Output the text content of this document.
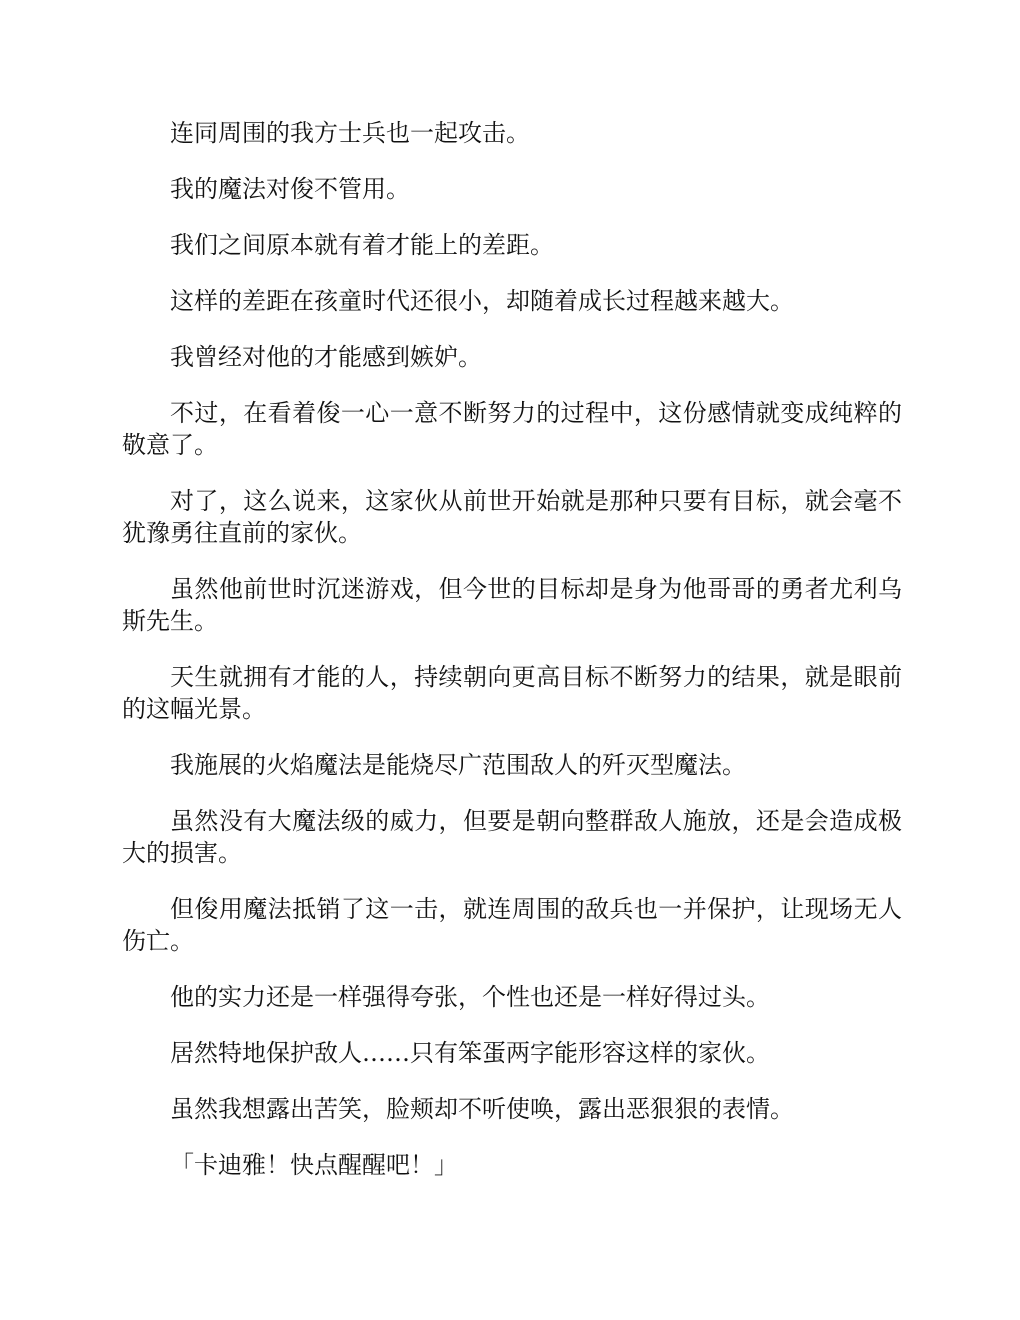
连同周围的我方士兵也一起攻击。

我的魔法对俊不管用。

我们之间原本就有着才能上的差距。

这样的差距在孩童时代还很小，却随着成长过程越来越大。

我曾经对他的才能感到嫉妒。

不过，在看着俊一心一意不断努力的过程中，这份感情就变成纯粹的敬意了。

对了，这么说来，这家伙从前世开始就是那种只要有目标，就会毫不犹豫勇往直前的家伙。

虽然他前世时沉迷游戏，但今世的目标却是身为他哥哥的勇者尤利乌斯先生。

天生就拥有才能的人，持续朝向更高目标不断努力的结果，就是眼前的这幅光景。

我施展的火焰魔法是能烧尽广范围敌人的歼灭型魔法。

虽然没有大魔法级的威力，但要是朝向整群敌人施放，还是会造成极大的损害。

但俊用魔法抵销了这一击，就连周围的敌兵也一并保护，让现场无人伤亡。

他的实力还是一样强得夸张，个性也还是一样好得过头。

居然特地保护敌人……只有笨蛋两字能形容这样的家伙。

虽然我想露出苦笑，脸颊却不听使唤，露出恶狠狠的表情。

「卡迪雅！快点醒醒吧！」
